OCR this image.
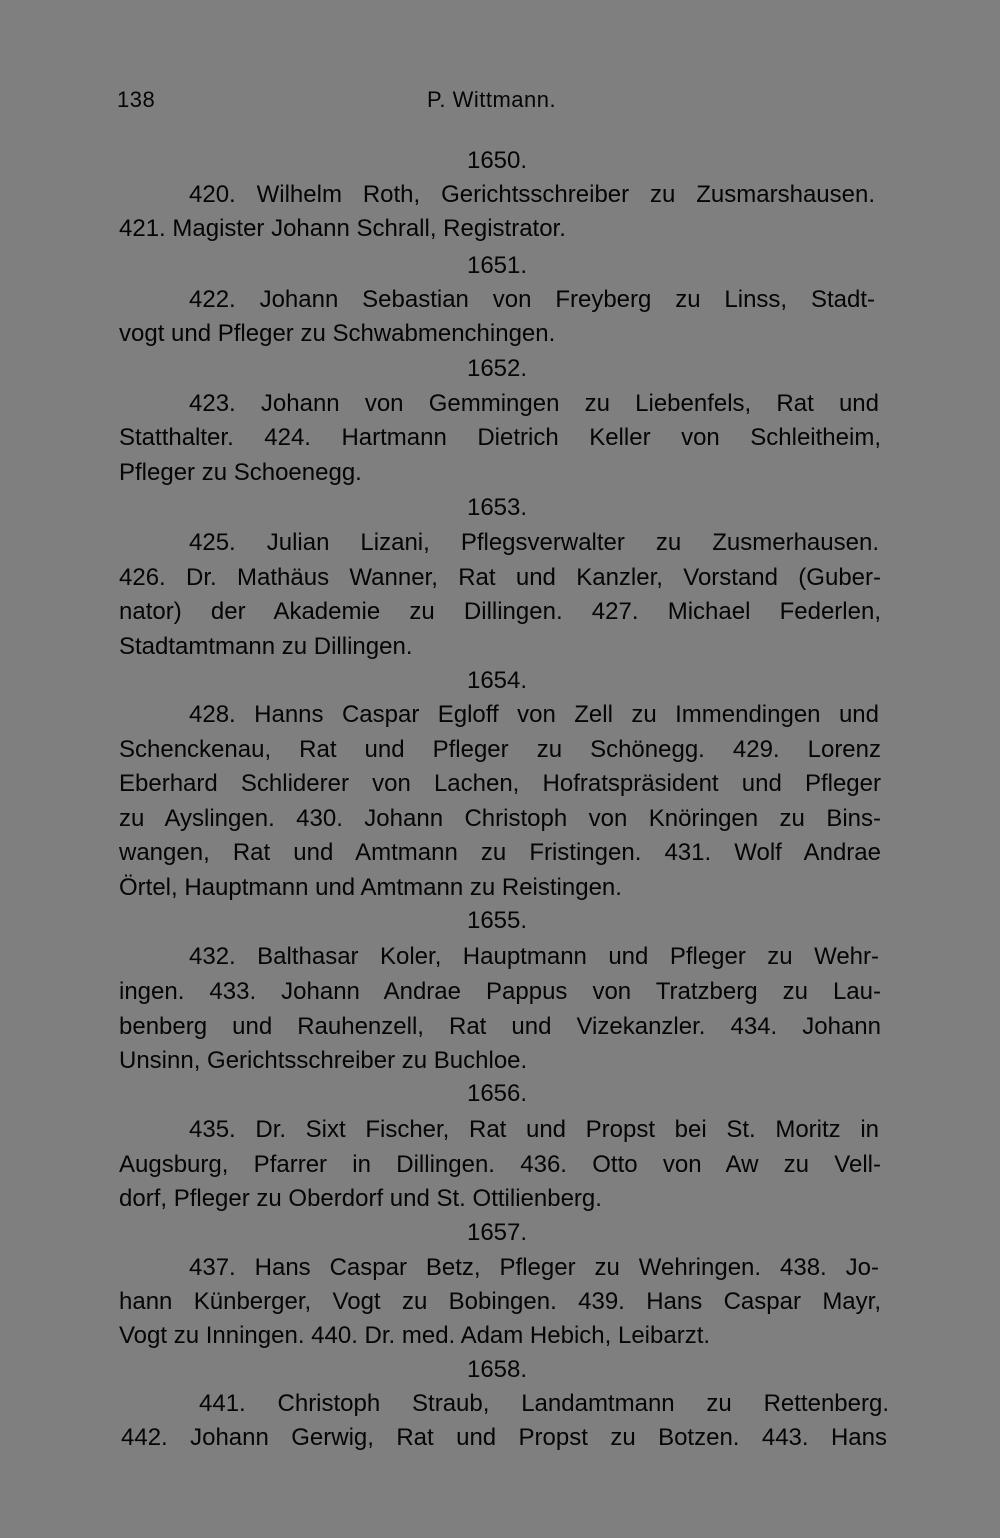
138	P. Wittmann.
1650.
420. Wilhelm Roth, Gerichtsschreiber zu Zusmarshausen.
421. Magister Johann Schrall, Registrator.
1651.
422. Johann Sebastian von Freyberg zu Linss, Stadt-
vogt und Pfleger zu Schwabmenchingen.
1652.
423. Johann von Gemmingen zu Liebenfels, Rat und
Statthalter. 424. Hartmann Dietrich Keller von Schleitheim,
Pfleger zu Schoenegg.
1653.
425. Julian Lizani, Pflegsverwalter zu Zusmerhausen.
426. Dr. Mathäus Wanner, Rat und Kanzler, Vorstand (Guber-
nator) der Akademie zu Dillingen. 427. Michael Federlen,
Stadtamtmann zu Dillingen.
1654.
428. Hanns Caspar Egloff von Zell zu Immendingen und
Schenckenau, Rat und Pfleger zu Schönegg. 429. Lorenz
Eberhard Schliderer von Lachen, Hofratspräsident und Pfleger
zu Ayslingen. 430. Johann Christoph von Knöringen zu Bins-
wangen, Rat und Amtmann zu Fristingen. 431. Wolf Andrae
Örtel, Hauptmann und Amtmann zu Reistingen.
1655.
432. Balthasar Koler, Hauptmann und Pfleger zu Wehr-
ingen. 433. Johann Andrae Pappus von Tratzberg zu Lau-
benberg und Rauhenzell, Rat und Vizekanzler. 434. Johann
Unsinn, Gerichtsschreiber zu Buchloe.
1656.
435. Dr. Sixt Fischer, Rat und Propst bei St. Moritz in
Augsburg, Pfarrer in Dillingen. 436. Otto von Aw zu Vell-
dorf, Pfleger zu Oberdorf und St. Ottilienberg.
1657.
437. Hans Caspar Betz, Pfleger zu Wehringen. 438. Jo-
hann Künberger, Vogt zu Bobingen. 439. Hans Caspar Mayr,
Vogt zu Inningen. 440. Dr. med. Adam Hebich, Leibarzt.
1658.
441. Christoph Straub, Landamtmann zu Rettenberg.
442. Johann Gerwig, Rat und Propst zu Botzen. 443. Hans
